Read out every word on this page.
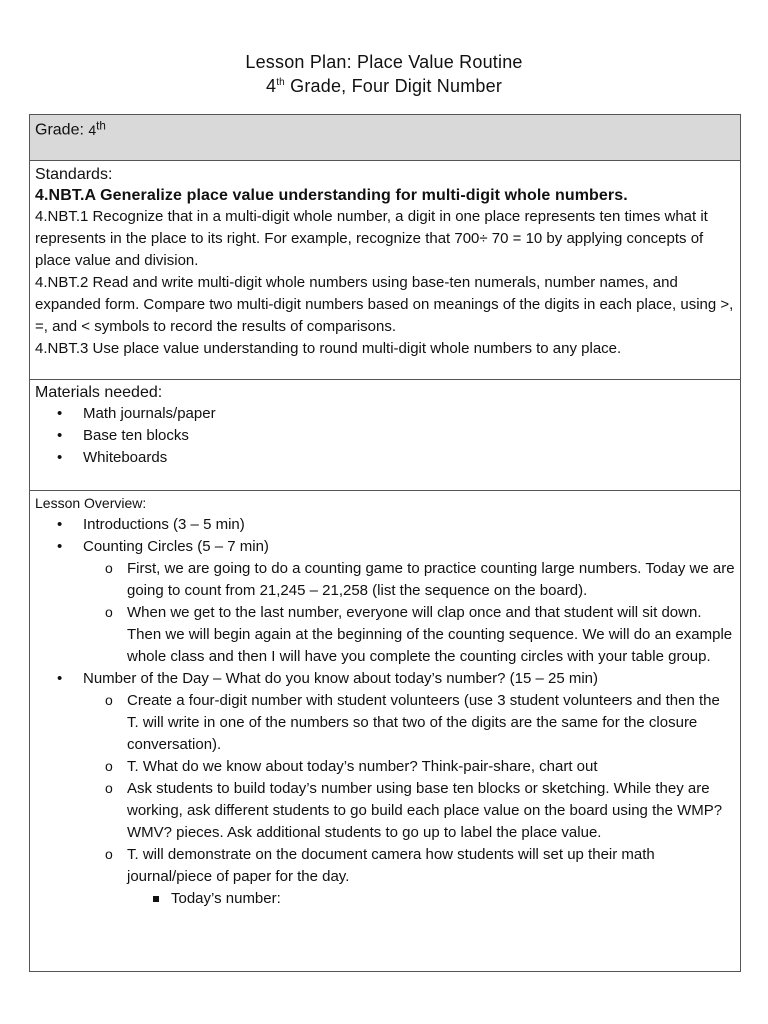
Lesson Plan: Place Value Routine
4th Grade, Four Digit Number
Grade: 4th
Standards:
4.NBT.A Generalize place value understanding for multi-digit whole numbers.
4.NBT.1 Recognize that in a multi-digit whole number, a digit in one place represents ten times what it represents in the place to its right. For example, recognize that 700÷ 70 = 10 by applying concepts of place value and division.
4.NBT.2 Read and write multi-digit whole numbers using base-ten numerals, number names, and expanded form. Compare two multi-digit numbers based on meanings of the digits in each place, using >, =, and < symbols to record the results of comparisons.
4.NBT.3 Use place value understanding to round multi-digit whole numbers to any place.
Materials needed:
• Math journals/paper
• Base ten blocks
• Whiteboards
Lesson Overview:
• Introductions (3 – 5 min)
• Counting Circles (5 – 7 min)
o First, we are going to do a counting game to practice counting large numbers. Today we are going to count from 21,245 – 21,258 (list the sequence on the board).
o When we get to the last number, everyone will clap once and that student will sit down. Then we will begin again at the beginning of the counting sequence. We will do an example whole class and then I will have you complete the counting circles with your table group.
• Number of the Day – What do you know about today’s number? (15 – 25 min)
o Create a four-digit number with student volunteers (use 3 student volunteers and then the T. will write in one of the numbers so that two of the digits are the same for the closure conversation).
o T. What do we know about today’s number? Think-pair-share, chart out
o Ask students to build today’s number using base ten blocks or sketching. While they are working, ask different students to go build each place value on the board using the WMP? WMV? pieces. Ask additional students to go up to label the place value.
o T. will demonstrate on the document camera how students will set up their math journal/piece of paper for the day.
Today’s number:
